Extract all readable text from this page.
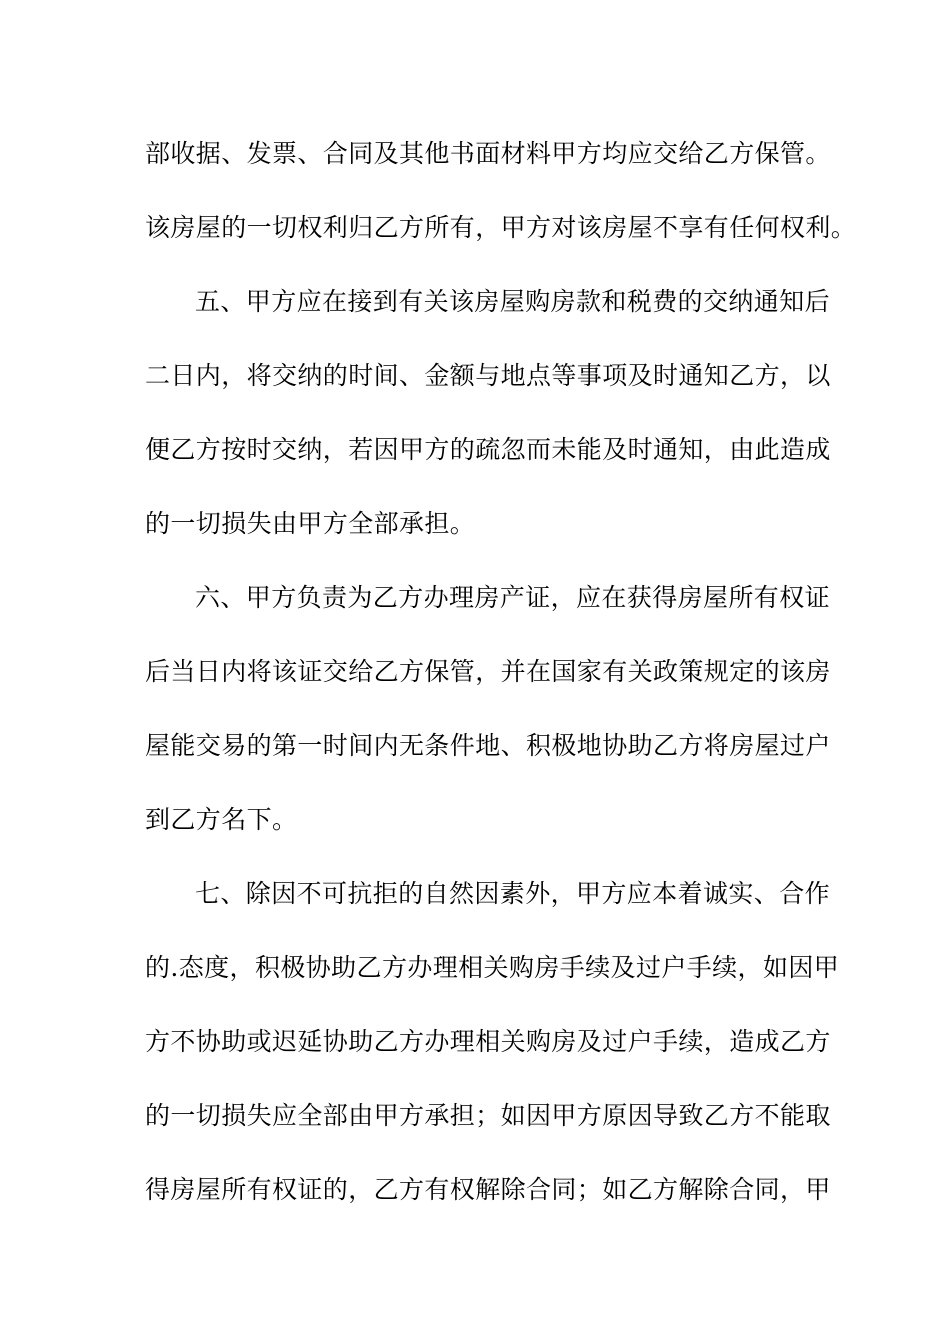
部收据、发票、合同及其他书面材料甲方均应交给乙方保管。
该房屋的一切权利归乙方所有，甲方对该房屋不享有任何权利。
五、甲方应在接到有关该房屋购房款和税费的交纳通知后
二日内，将交纳的时间、金额与地点等事项及时通知乙方，以
便乙方按时交纳，若因甲方的疏忽而未能及时通知，由此造成
的一切损失由甲方全部承担。
六、甲方负责为乙方办理房产证，应在获得房屋所有权证
后当日内将该证交给乙方保管，并在国家有关政策规定的该房
屋能交易的第一时间内无条件地、积极地协助乙方将房屋过户
到乙方名下。
七、除因不可抗拒的自然因素外，甲方应本着诚实、合作
的.态度，积极协助乙方办理相关购房手续及过户手续，如因甲
方不协助或迟延协助乙方办理相关购房及过户手续，造成乙方
的一切损失应全部由甲方承担；如因甲方原因导致乙方不能取
得房屋所有权证的，乙方有权解除合同；如乙方解除合同，甲
